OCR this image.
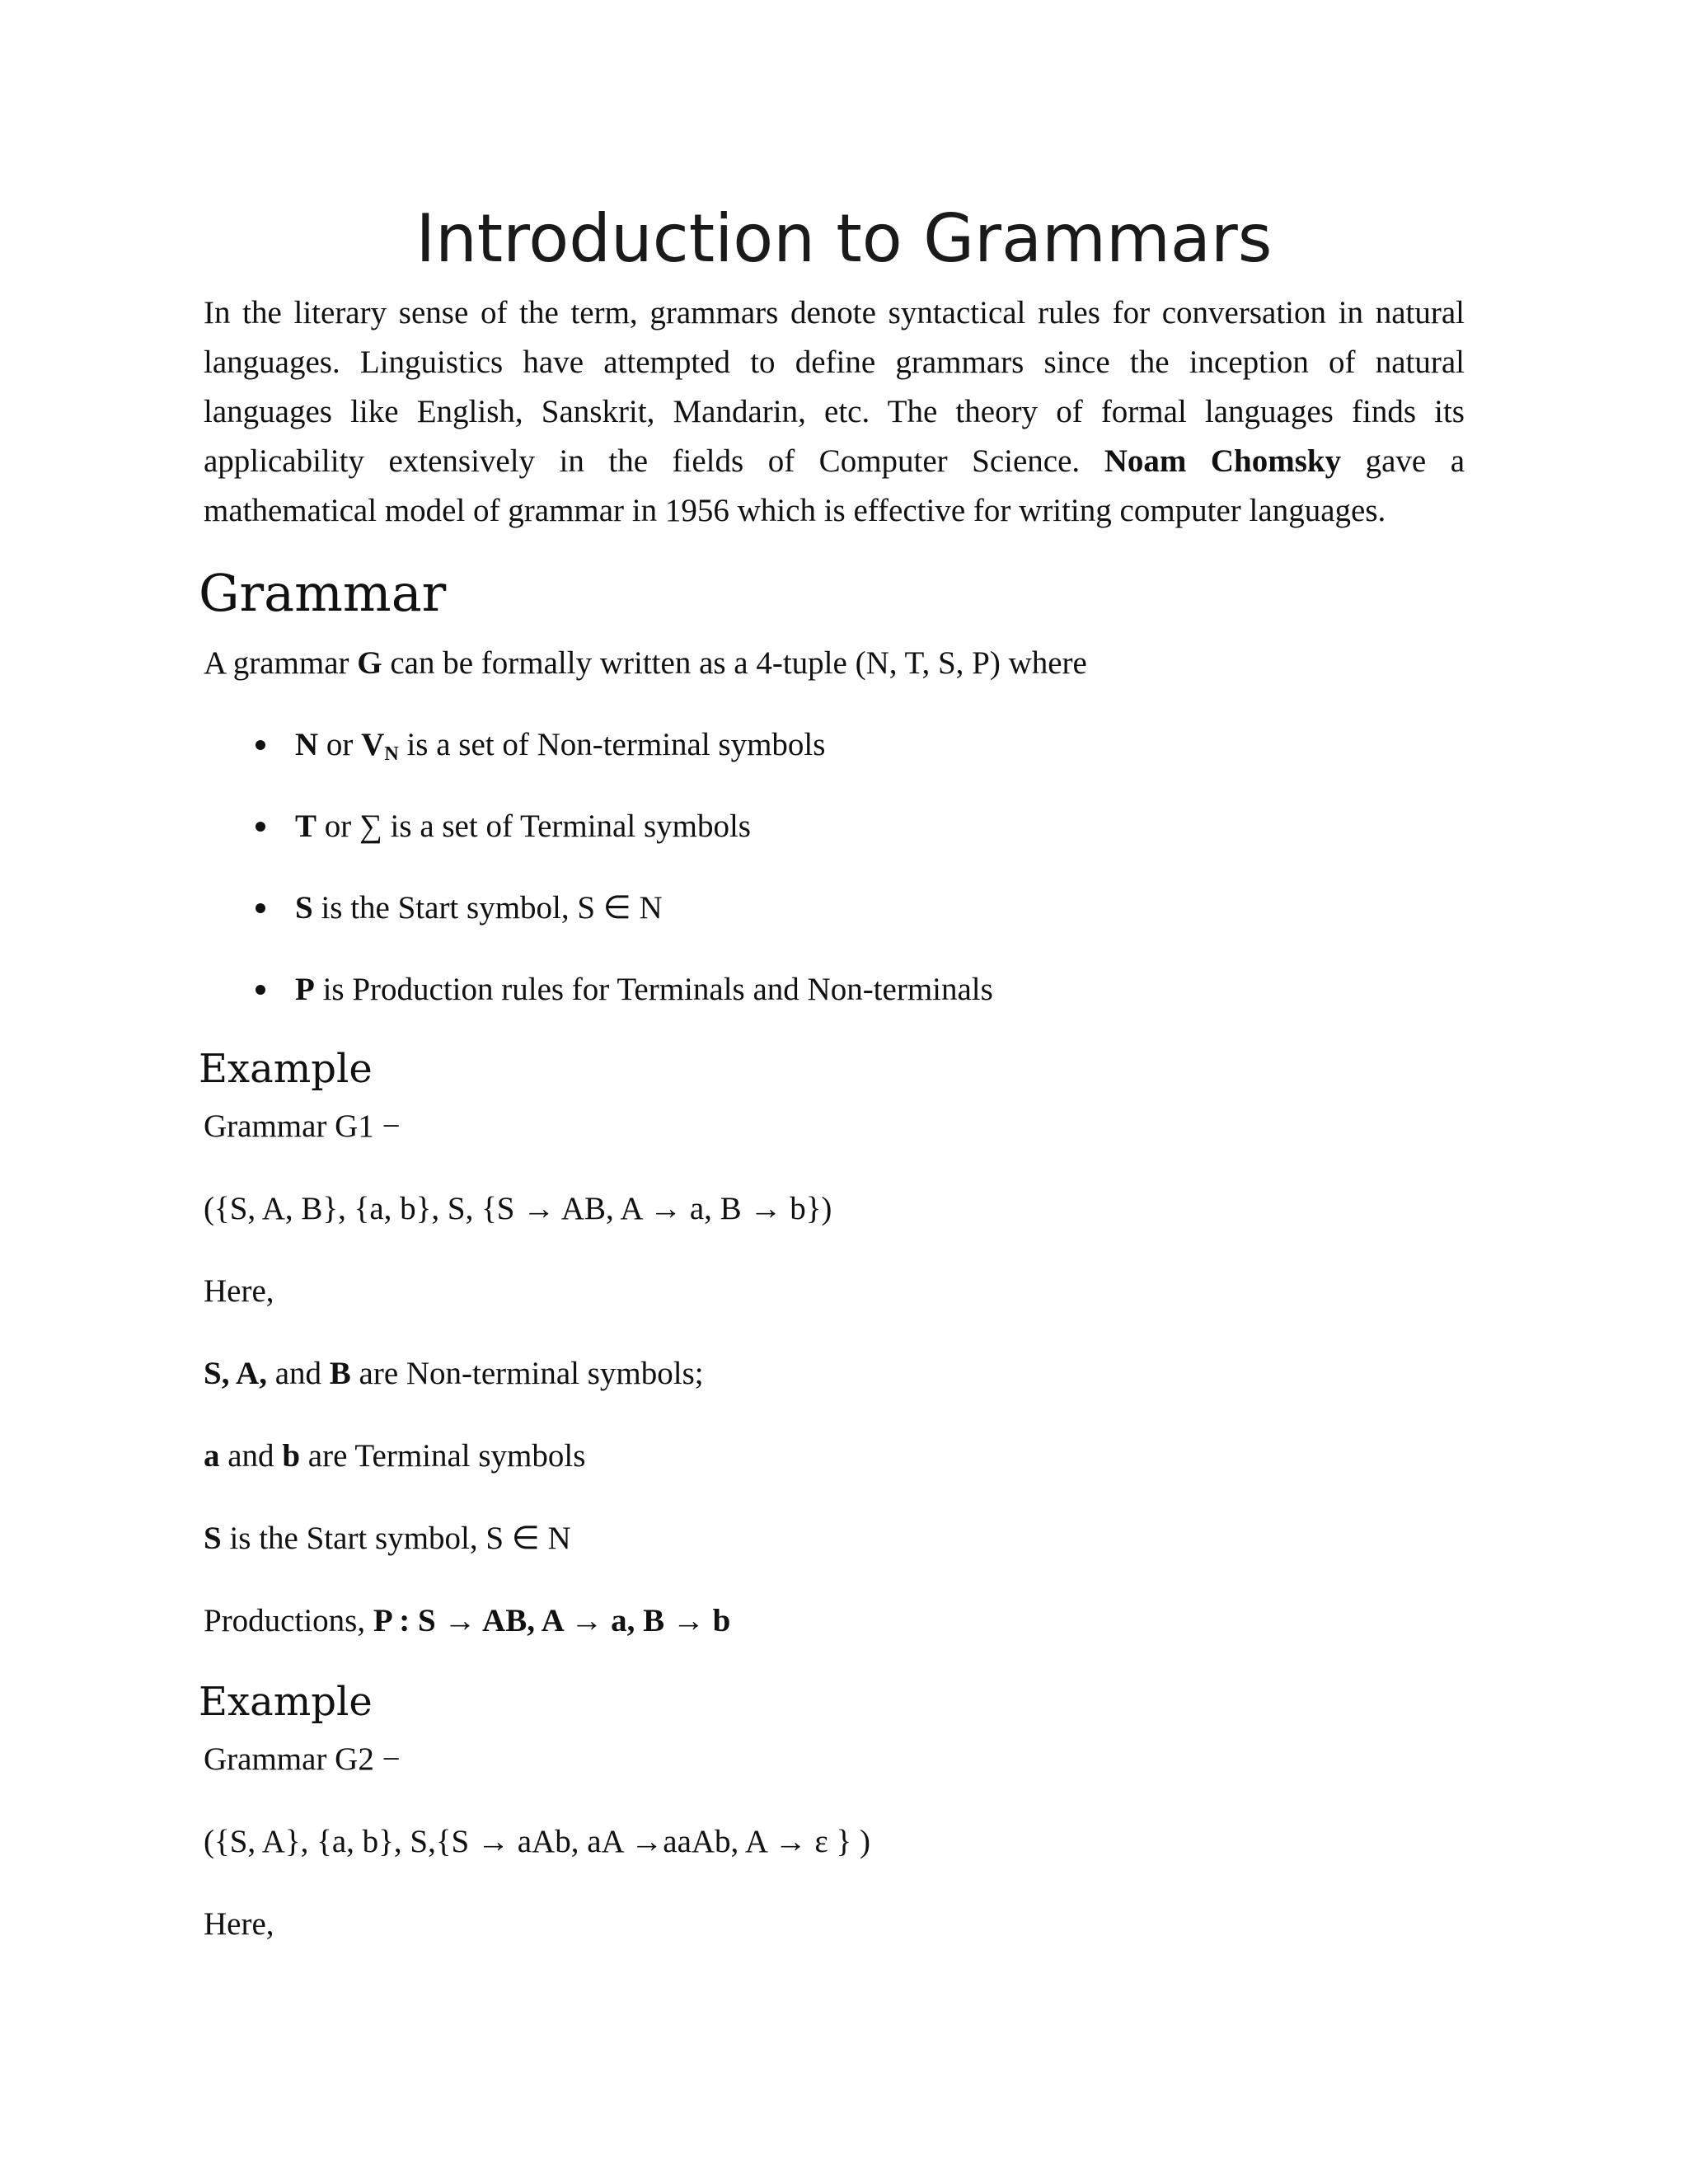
Introduction to Grammars

In the literary sense of the term, grammars denote syntactical rules for conversation in natural languages. Linguistics have attempted to define grammars since the inception of natural languages like English, Sanskrit, Mandarin, etc. The theory of formal languages finds its applicability extensively in the fields of Computer Science. Noam Chomsky gave a mathematical model of grammar in 1956 which is effective for writing computer languages.

Grammar

A grammar G can be formally written as a 4-tuple (N, T, S, P) where

N or $V_N$ is a set of Non-terminal symbols
T or ∑ is a set of Terminal symbols
S is the Start symbol, S ∈ N
P is Production rules for Terminals and Non-terminals
Example

Grammar G1 −

({S, A, B}, {a, b}, S, {S → AB, A → a, B → b})

Here,

S, A, and B are Non-terminal symbols;

a and b are Terminal symbols

S is the Start symbol, S ∈ N

Productions, P : S → AB, A → a, B → b

Example

Grammar G2 −

({S, A}, {a, b}, S,{S → aAb, aA →aaAb, A → ε } )

Here,
